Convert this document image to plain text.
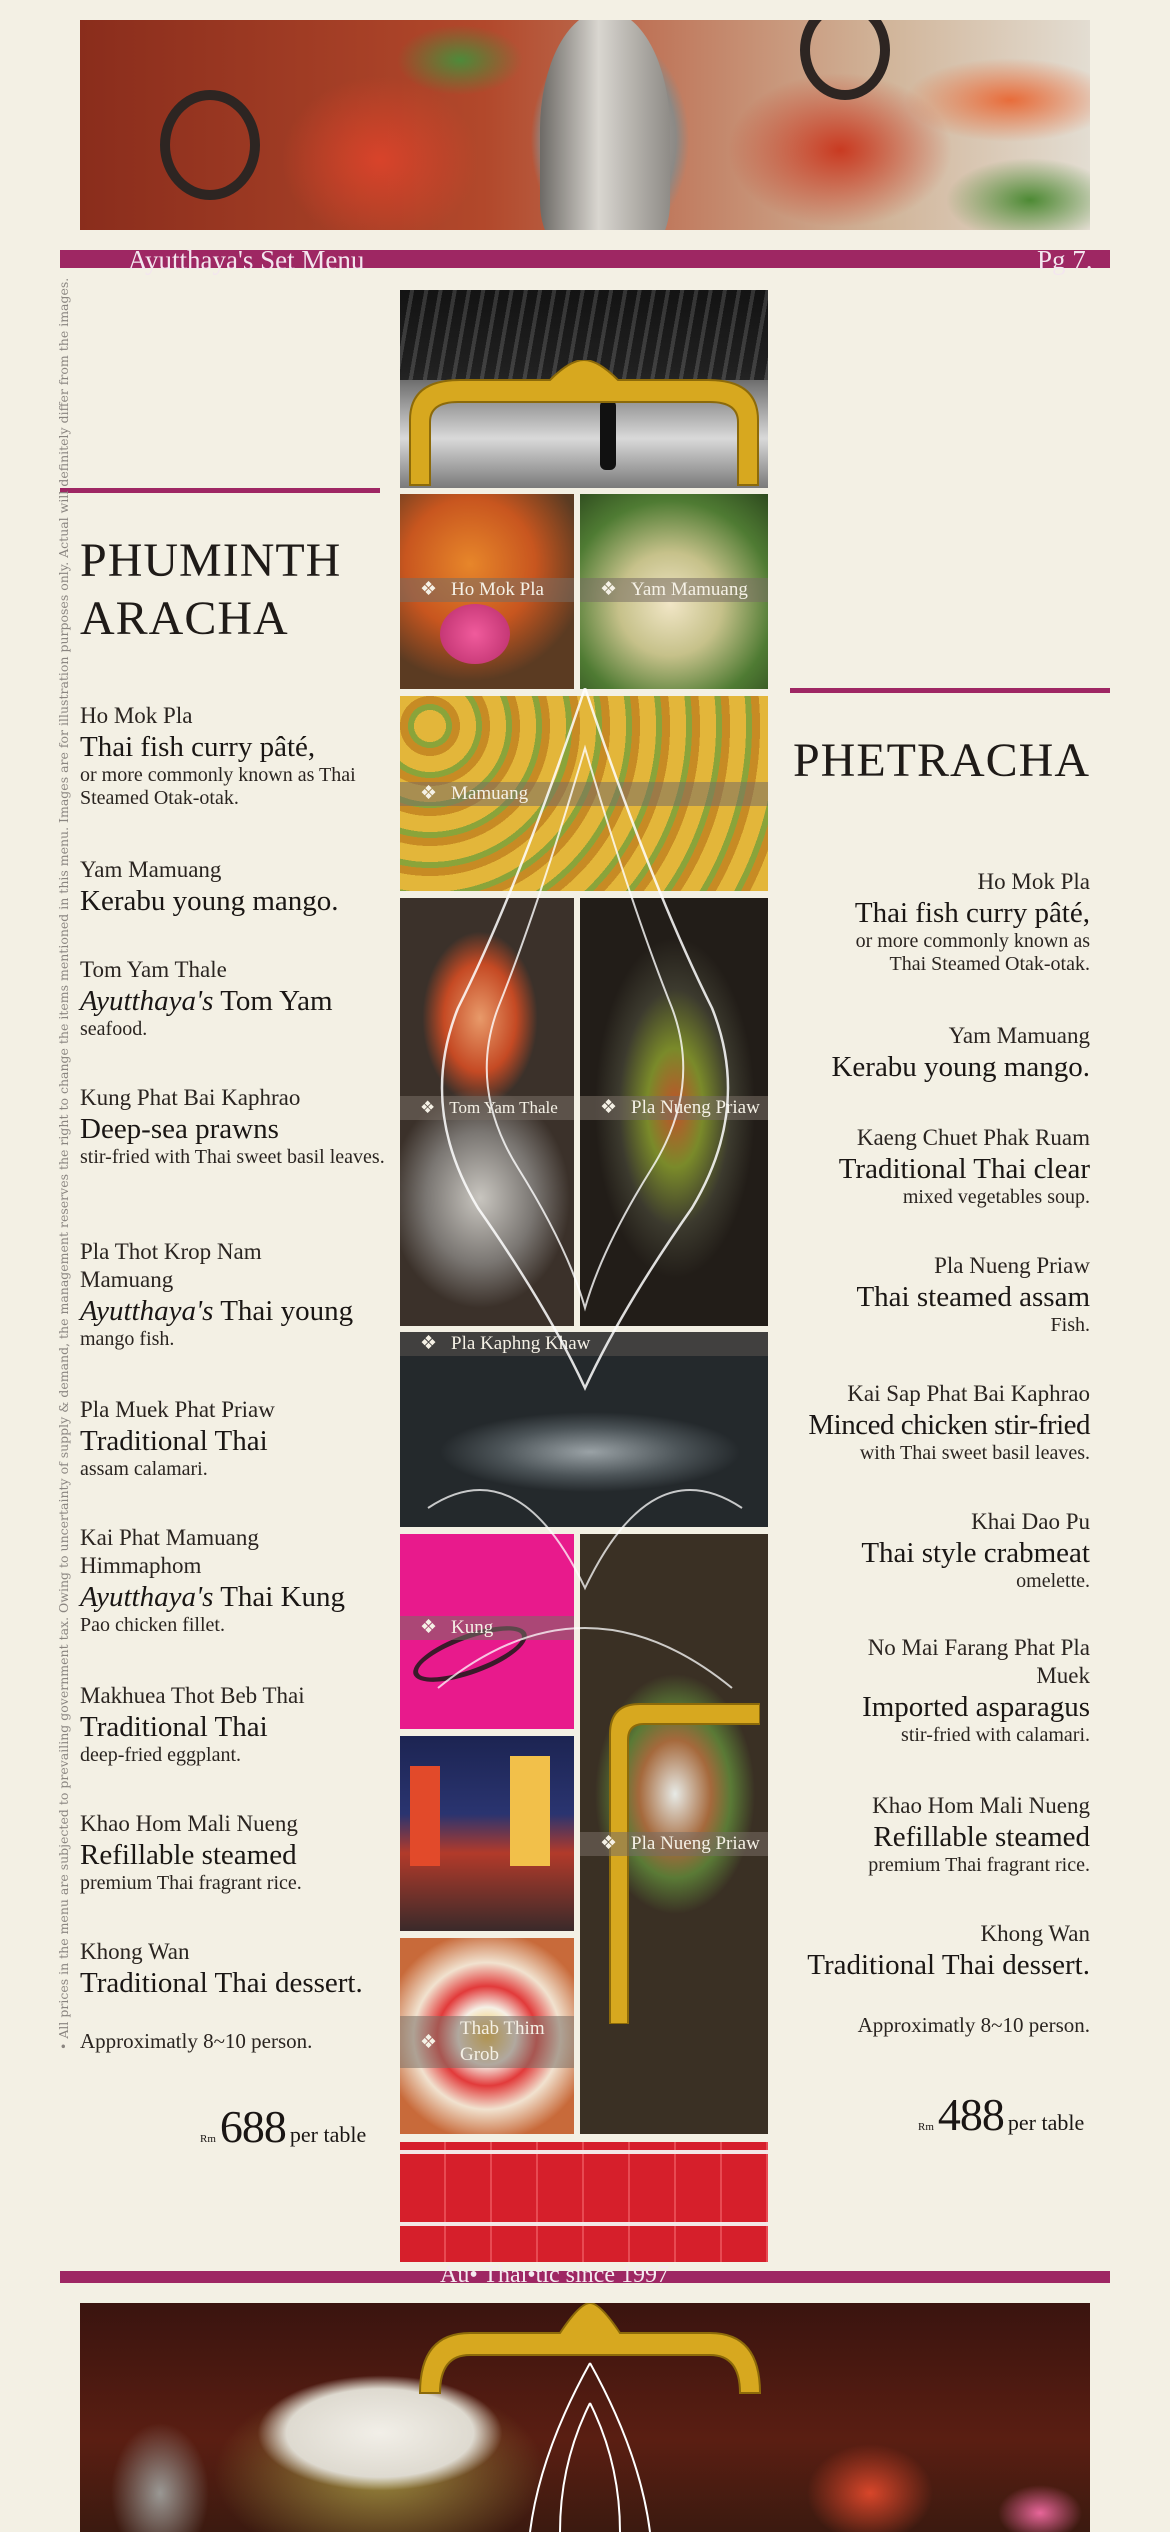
Ayutthaya's Set Menu	Pg 7.
❖ Ho Mok Pla	❖ Yam Mamuang
❖ Mamuang
❖ Tom Yam Thale	❖ Pla Nueng Priaw
❖ Pla Kaphng Khaw
❖ Kung
❖ Pla Nueng Priaw
❖
Thab Thim Grob
PHUMINTH
ARACHA
Ho Mok Pla
Thai fish curry pâté,
or more commonly known as Thai Steamed Otak-otak.
Yam Mamuang
Kerabu young mango.
Tom Yam Thale
Ayutthaya's Tom Yam
seafood.
Kung Phat Bai Kaphrao
Deep-sea prawns
stir-fried with Thai sweet basil leaves.
Pla Thot Krop Nam Mamuang
Ayutthaya's Thai young
mango fish.
Pla Muek Phat Priaw
Traditional Thai
assam calamari.
Kai Phat Mamuang Himmaphom
Ayutthaya's Thai Kung
Pao chicken fillet.
Makhuea Thot Beb Thai
Traditional Thai
deep-fried eggplant.
Khao Hom Mali Nueng
Refillable steamed
premium Thai fragrant rice.
Khong Wan
Traditional Thai dessert.
Approximatly 8~10 person.
Rm 688 per table
PHETRACHA
Ho Mok Pla
Thai fish curry pâté,
or more commonly known as Thai Steamed Otak-otak.
Yam Mamuang
Kerabu young mango.
Kaeng Chuet Phak Ruam
Traditional Thai clear
mixed vegetables soup.
Pla Nueng Priaw
Thai steamed assam
Fish.
Kai Sap Phat Bai Kaphrao
Minced chicken stir-fried
with Thai sweet basil leaves.
Khai Dao Pu
Thai style crabmeat
omelette.
No Mai Farang Phat Pla Muek
Imported asparagus
stir-fried with calamari.
Khao Hom Mali Nueng
Refillable steamed
premium Thai fragrant rice.
Khong Wan
Traditional Thai dessert.
Approximatly 8~10 person.
Rm 488 per table
• All prices in the menu are subjected to prevailing government tax. Owing to uncertainty of supply & demand, the management reserves the right to change the items mentioned in this menu. Images are for illustration purposes only. Actual will definitely differ from the images.
Au• Thai•tic since 1997
